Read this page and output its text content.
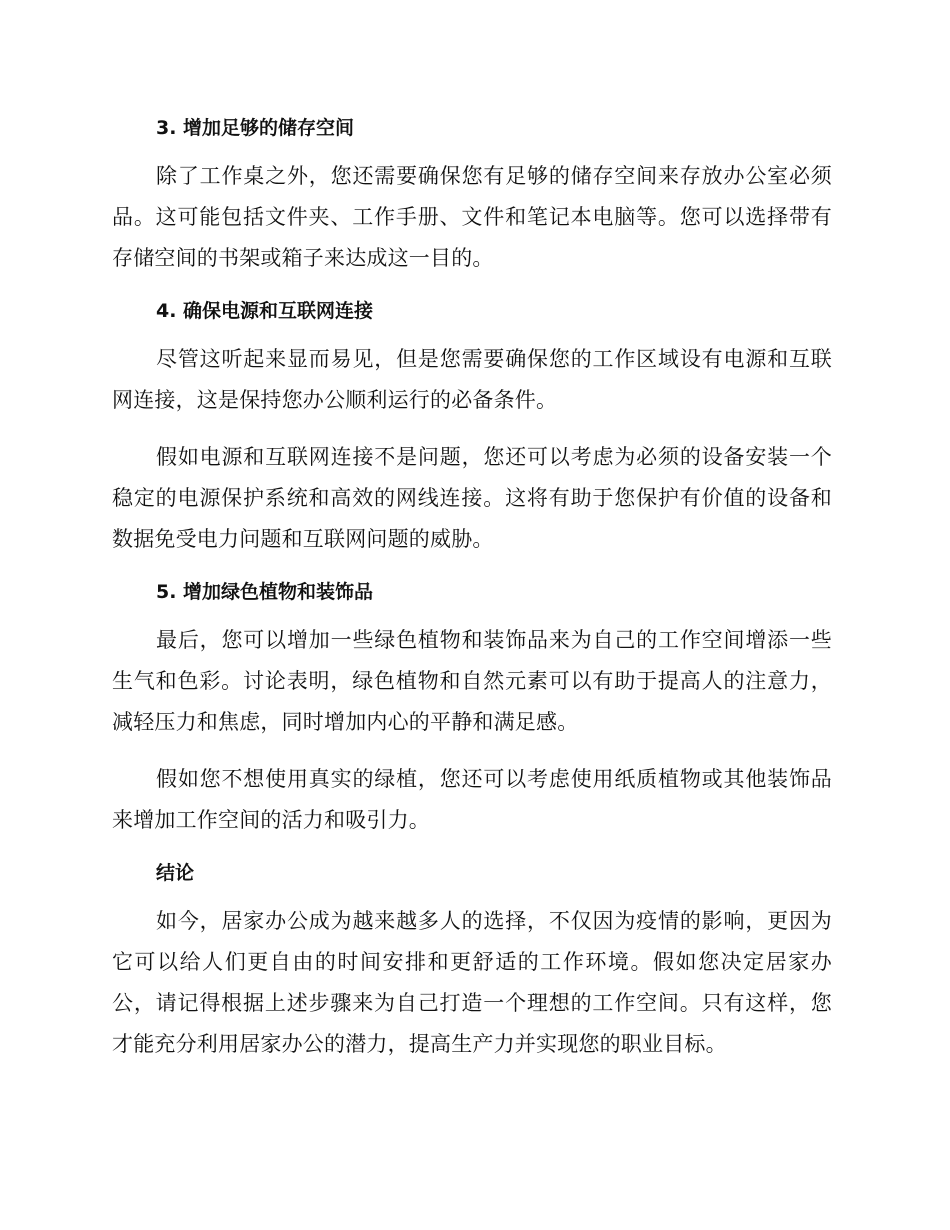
3. 增加足够的储存空间

除了工作桌之外，您还需要确保您有足够的储存空间来存放办公室必须品。这可能包括文件夹、工作手册、文件和笔记本电脑等。您可以选择带有存储空间的书架或箱子来达成这一目的。

4. 确保电源和互联网连接

尽管这听起来显而易见，但是您需要确保您的工作区域设有电源和互联网连接，这是保持您办公顺利运行的必备条件。

假如电源和互联网连接不是问题，您还可以考虑为必须的设备安装一个稳定的电源保护系统和高效的网线连接。这将有助于您保护有价值的设备和数据免受电力问题和互联网问题的威胁。

5. 增加绿色植物和装饰品

最后，您可以增加一些绿色植物和装饰品来为自己的工作空间增添一些生气和色彩。讨论表明，绿色植物和自然元素可以有助于提高人的注意力，减轻压力和焦虑，同时增加内心的平静和满足感。

假如您不想使用真实的绿植，您还可以考虑使用纸质植物或其他装饰品来增加工作空间的活力和吸引力。

结论

如今，居家办公成为越来越多人的选择，不仅因为疫情的影响，更因为它可以给人们更自由的时间安排和更舒适的工作环境。假如您决定居家办公，请记得根据上述步骤来为自己打造一个理想的工作空间。只有这样，您才能充分利用居家办公的潜力，提高生产力并实现您的职业目标。
